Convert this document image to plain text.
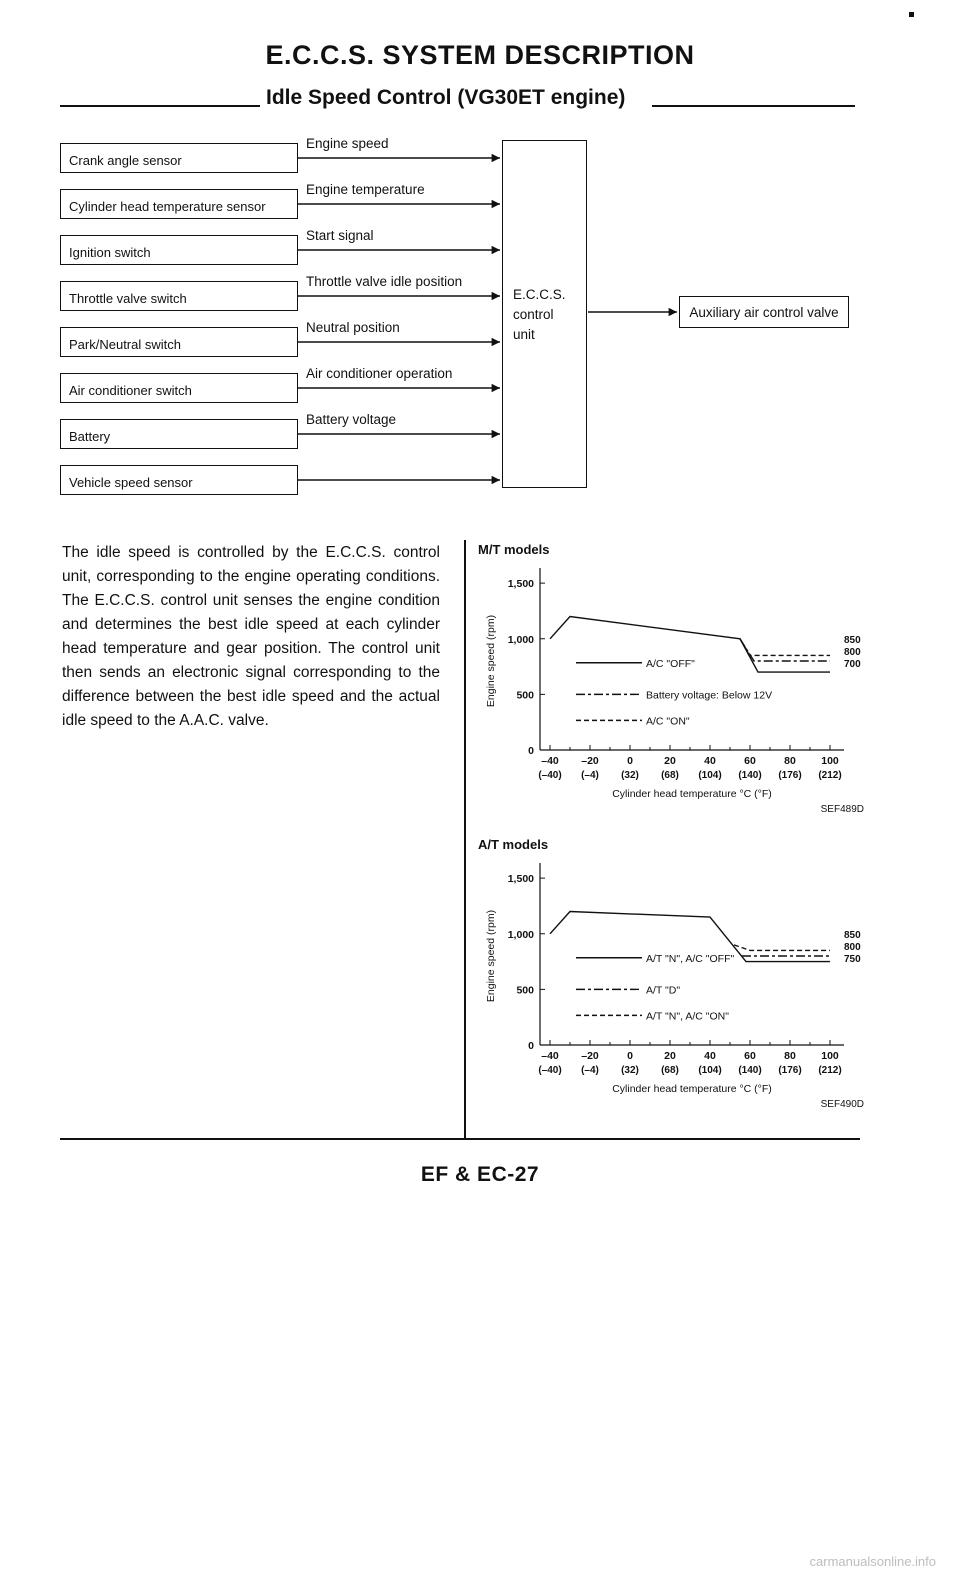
E.C.C.S. SYSTEM DESCRIPTION
Idle Speed Control (VG30ET engine)
Crank angle sensor
Cylinder head temperature sensor
Ignition switch
Throttle valve switch
Park/Neutral switch
Air conditioner switch
Battery
Vehicle speed sensor
Engine speed
Engine temperature
Start signal
Throttle valve idle position
Neutral position
Air conditioner operation
Battery voltage
E.C.C.S.
control
unit
Auxiliary air control valve
The idle speed is controlled by the E.C.C.S. control unit, corresponding to the engine operating conditions. The E.C.C.S. control unit senses the engine condition and determines the best idle speed at each cylinder head temperature and gear position. The control unit then sends an electronic signal corresponding to the difference between the best idle speed and the actual idle speed to the A.A.C. valve.
M/T models
0
500
1,000
1,500
–40
(–40)
–20
(–4)
0
(32)
20
(68)
40
(104)
60
(140)
80
(176)
100
(212)
Engine speed (rpm)
Cylinder head temperature °C (°F)
SEF489D
850
800
700
A/C "OFF"
Battery voltage: Below 12V
A/C "ON"
A/T models
0
500
1,000
1,500
–40
(–40)
–20
(–4)
0
(32)
20
(68)
40
(104)
60
(140)
80
(176)
100
(212)
Engine speed (rpm)
Cylinder head temperature °C (°F)
SEF490D
850
800
750
A/T "N", A/C "OFF"
A/T "D"
A/T "N", A/C "ON"
EF & EC-27
carmanualsonline.info
